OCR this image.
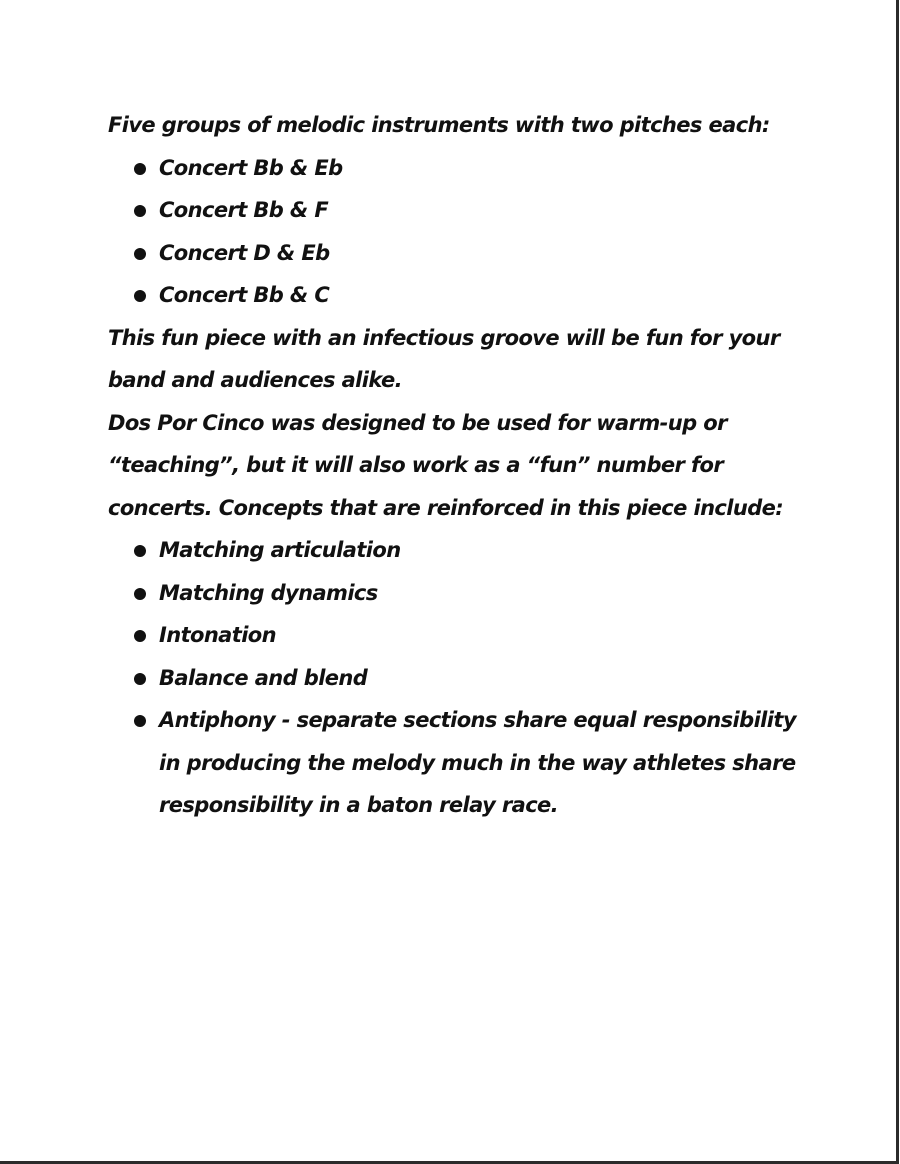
Five groups of melodic instruments with two pitches each:

Concert Bb & Eb
Concert Bb & F
Concert D & Eb
Concert Bb & C

This fun piece with an infectious groove will be fun for your band and audiences alike.

Dos Por Cinco was designed to be used for warm-up or “teaching”, but it will also work as a “fun” number for concerts. Concepts that are reinforced in this piece include:

Matching articulation
Matching dynamics
Intonation
Balance and blend
Antiphony - separate sections share equal responsibility in producing the melody much in the way athletes share responsibility in a baton relay race.
